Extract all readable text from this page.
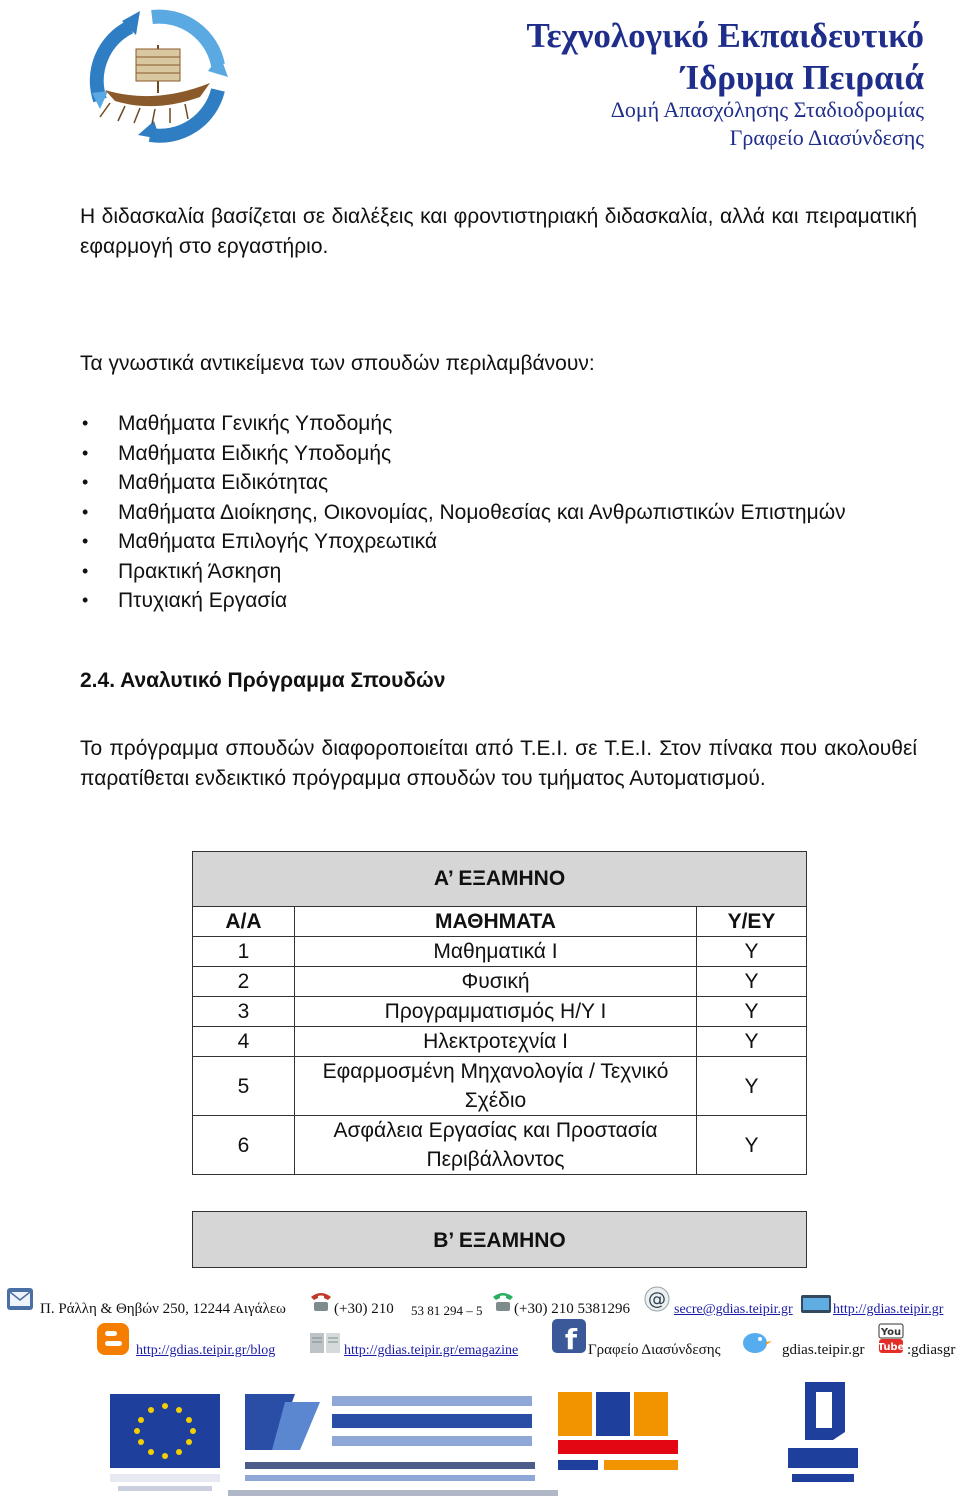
Τεχνολογικό Εκπαιδευτικό
Ίδρυμα Πειραιά
Δομή Απασχόλησης Σταδιοδρομίας
Γραφείο Διασύνδεσης
Η διδασκαλία βασίζεται σε διαλέξεις και φροντιστηριακή διδασκαλία, αλλά και πειραματική εφαρμογή στο εργαστήριο.
Τα γνωστικά αντικείμενα των σπουδών περιλαμβάνουν:
• Μαθήματα Γενικής Υποδομής
• Μαθήματα Ειδικής Υποδομής
• Μαθήματα Ειδικότητας
• Μαθήματα Διοίκησης, Οικονομίας, Νομοθεσίας και Ανθρωπιστικών Επιστημών
• Μαθήματα Επιλογής Υποχρεωτικά
• Πρακτική Άσκηση
• Πτυχιακή Εργασία
2.4. Αναλυτικό Πρόγραμμα Σπουδών
Το πρόγραμμα σπουδών διαφοροποιείται από Τ.Ε.Ι. σε Τ.Ε.Ι. Στον πίνακα που ακολουθεί παρατίθεται ενδεικτικό πρόγραμμα σπουδών του τμήματος Αυτοματισμού.
Α’ ΕΞΑΜΗΝΟ		
Α/Α	ΜΑΘΗΜΑΤΑ	Υ/ΕΥ
1	Μαθηματικά Ι	Υ
2	Φυσική	Υ
3	Προγραμματισμός Η/Υ Ι	Υ
4	Ηλεκτροτεχνία Ι	Υ
5	Εφαρμοσμένη Μηχανολογία / Τεχνικό Σχέδιο	Υ
6	Ασφάλεια Εργασίας και Προστασία Περιβάλλοντος	Υ
Β’ ΕΞΑΜΗΝΟ
Π. Ράλλη & Θηβών 250, 12244 Αιγάλεω	(+30) 210 53 81 294 – 5 (+30) 210 5381296 @ secre@gdias.teipir.gr	http://gdias.teipir.gr
http://gdias.teipir.gr/blog	http://gdias.teipir.gr/emagazine f Γραφείο Διασύνδεσης	gdias.teipir.gr
You
Tube :gdiasgr
